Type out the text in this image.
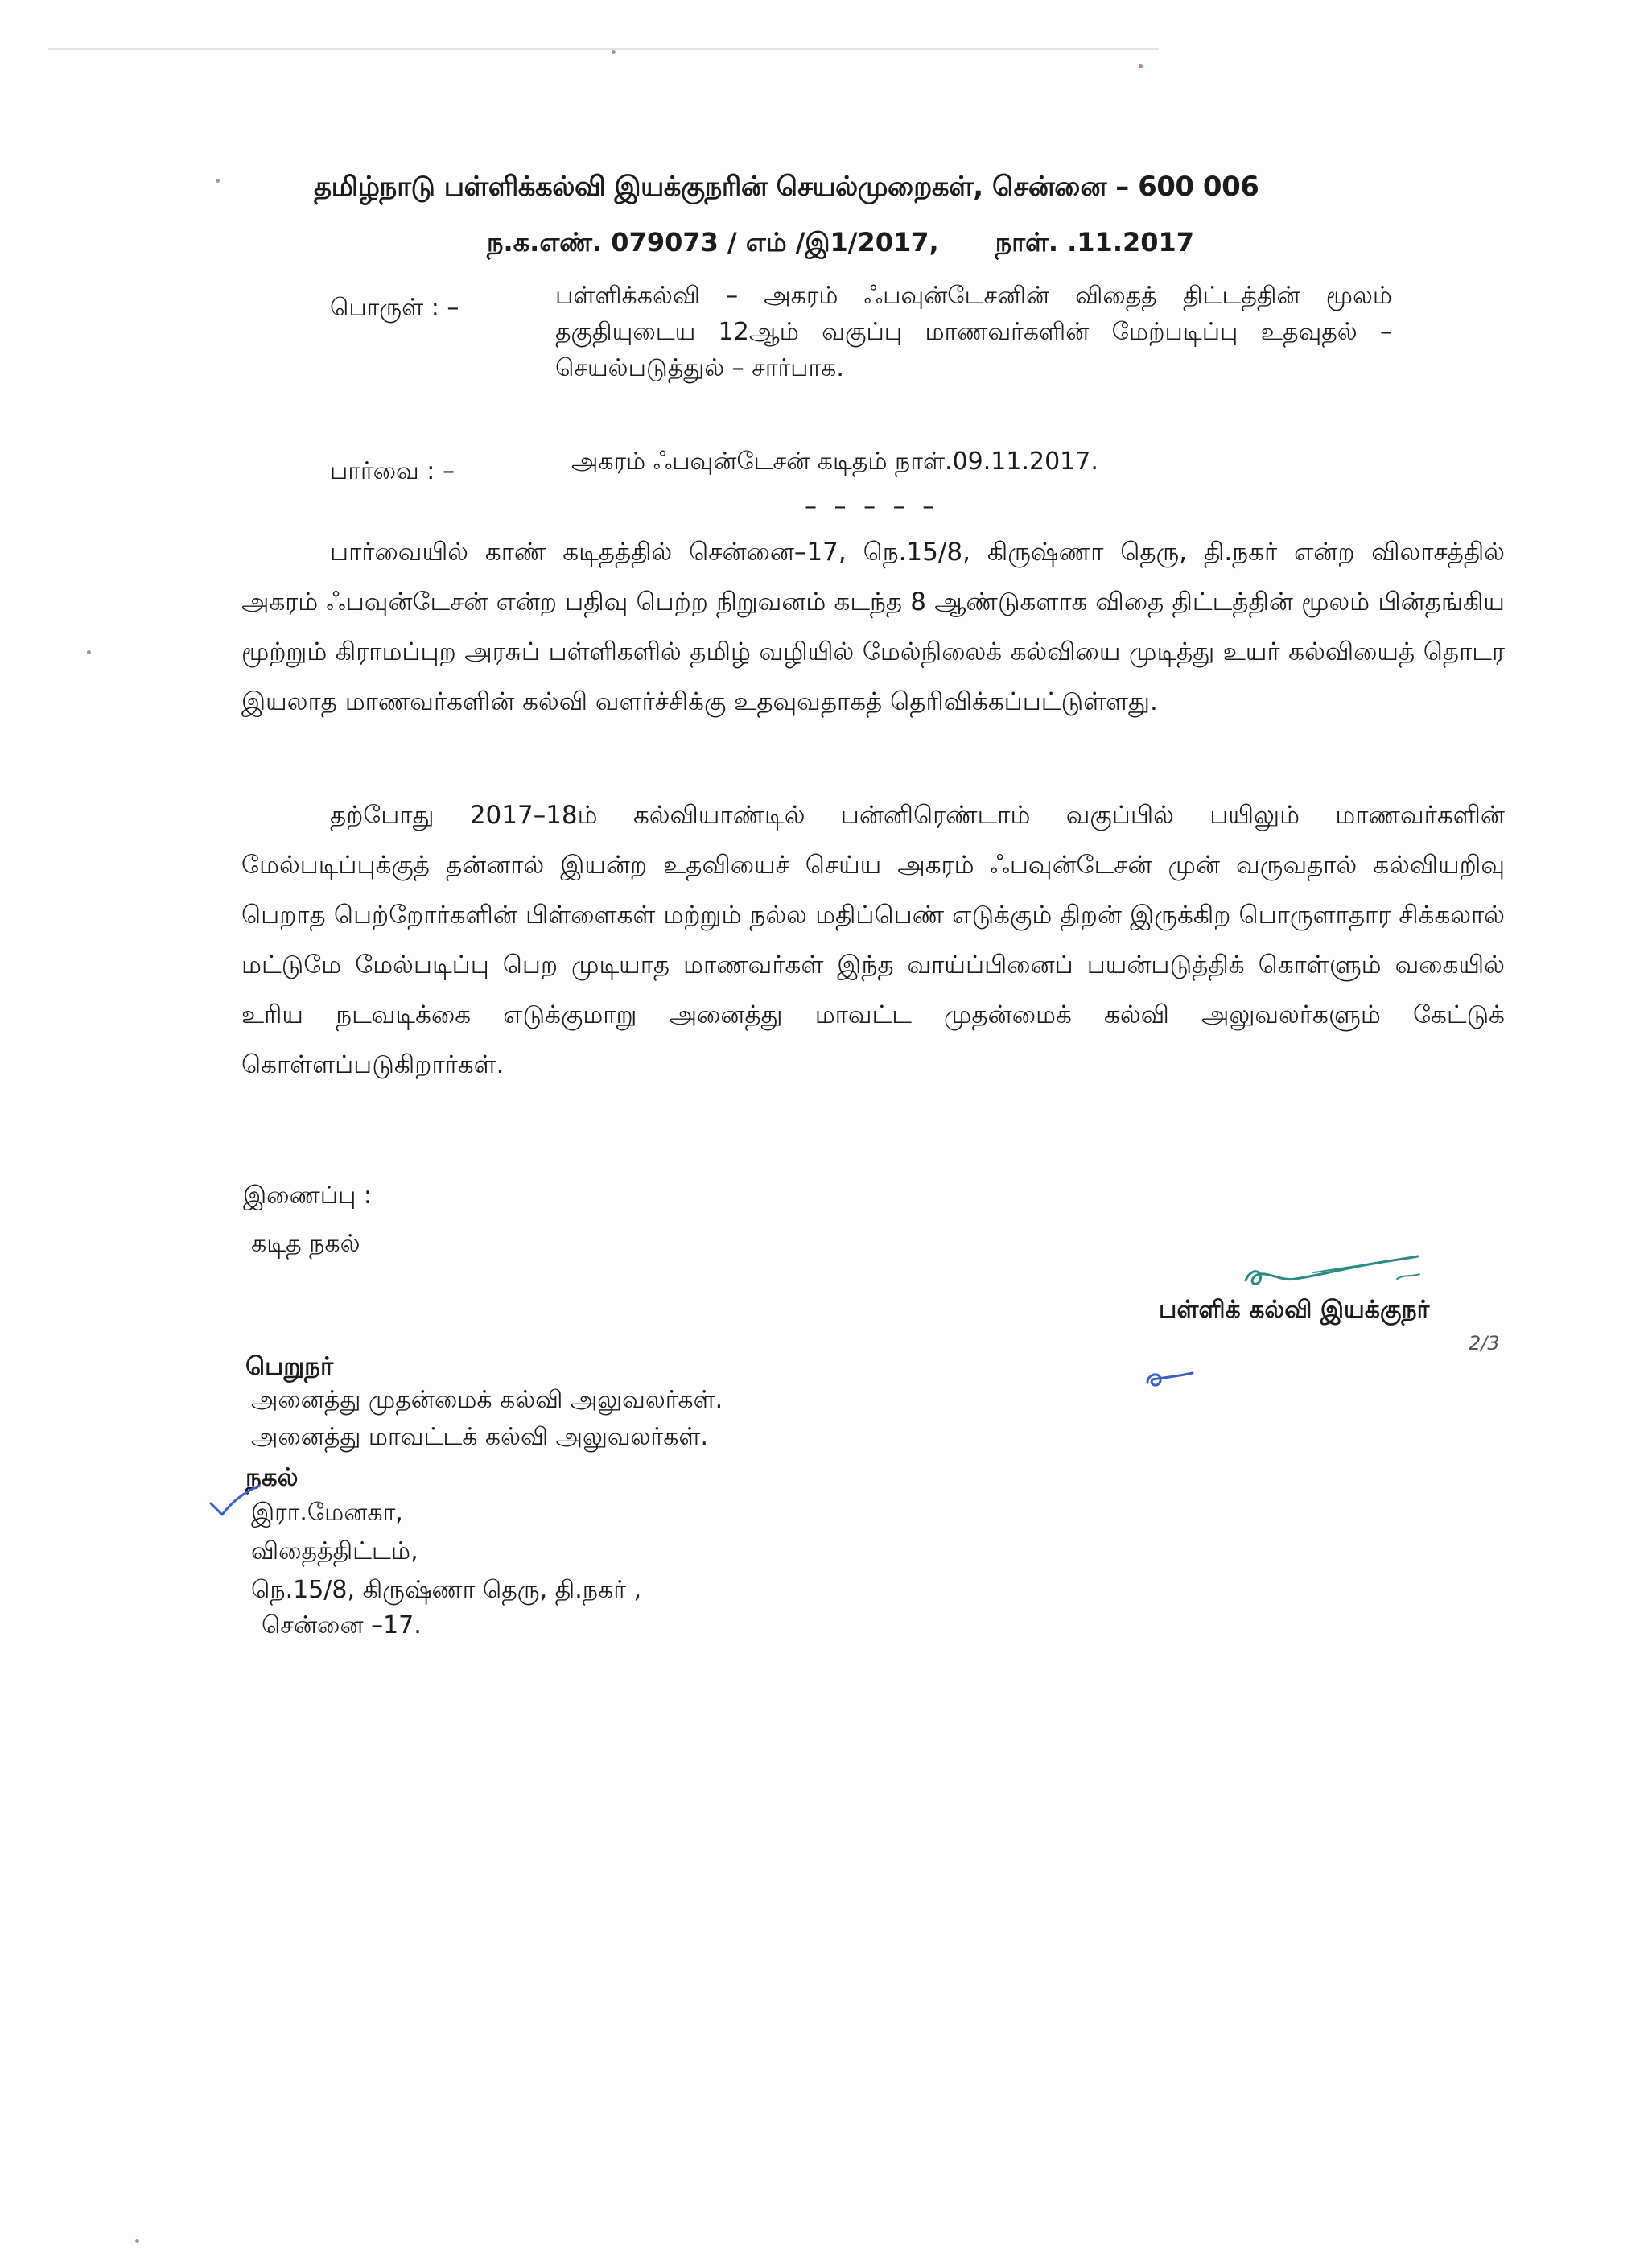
தமிழ்நாடு பள்ளிக்கல்வி இயக்குநரின் செயல்முறைகள், சென்னை – 600 006
ந.க.எண். 079073 / எம் /இ1/2017, நாள். .11.2017
பொருள் : –	பள்ளிக்கல்வி – அகரம் ஃபவுன்டேசனின் விதைத் திட்டத்தின் மூலம் தகுதியுடைய 12ஆம் வகுப்பு மாணவர்களின் மேற்படிப்பு உதவுதல் – செயல்படுத்துல் – சார்பாக.
பார்வை : –	அகரம் ஃபவுன்டேசன் கடிதம் நாள்.09.11.2017.
– – – – –
பார்வையில் காண் கடிதத்தில் சென்னை–17, நெ.15/8, கிருஷ்ணா தெரு, தி.நகர் என்ற விலாசத்தில் அகரம் ஃபவுன்டேசன் என்ற பதிவு பெற்ற நிறுவனம் கடந்த 8 ஆண்டுகளாக விதை திட்டத்தின் மூலம் பின்தங்கிய மூற்றும் கிராமப்புற அரசுப் பள்ளிகளில் தமிழ் வழியில் மேல்நிலைக் கல்வியை முடித்து உயர் கல்வியைத் தொடர இயலாத மாணவர்களின் கல்வி வளர்ச்சிக்கு உதவுவதாகத் தெரிவிக்கப்பட்டுள்ளது.
தற்போது 2017–18ம் கல்வியாண்டில் பன்னிரெண்டாம் வகுப்பில் பயிலும் மாணவர்களின் மேல்படிப்புக்குத் தன்னால் இயன்ற உதவியைச் செய்ய அகரம் ஃபவுன்டேசன் முன் வருவதால் கல்வியறிவு பெறாத பெற்றோர்களின் பிள்ளைகள் மற்றும் நல்ல மதிப்பெண் எடுக்கும் திறன் இருக்கிற பொருளாதார சிக்கலால் மட்டுமே மேல்படிப்பு பெற முடியாத மாணவர்கள் இந்த வாய்ப்பினைப் பயன்படுத்திக் கொள்ளும் வகையில் உரிய நடவடிக்கை எடுக்குமாறு அனைத்து மாவட்ட முதன்மைக் கல்வி அலுவலர்களும் கேட்டுக் கொள்ளப்படுகிறார்கள்.
இணைப்பு :
கடித நகல்
பள்ளிக் கல்வி இயக்குநர்
2/3
பெறுநர்
அனைத்து முதன்மைக் கல்வி அலுவலர்கள்.
அனைத்து மாவட்டக் கல்வி அலுவலர்கள்.
நகல்
இரா.மேனகா,
விதைத்திட்டம்,
நெ.15/8, கிருஷ்ணா தெரு, தி.நகர் ,
சென்னை –17.
